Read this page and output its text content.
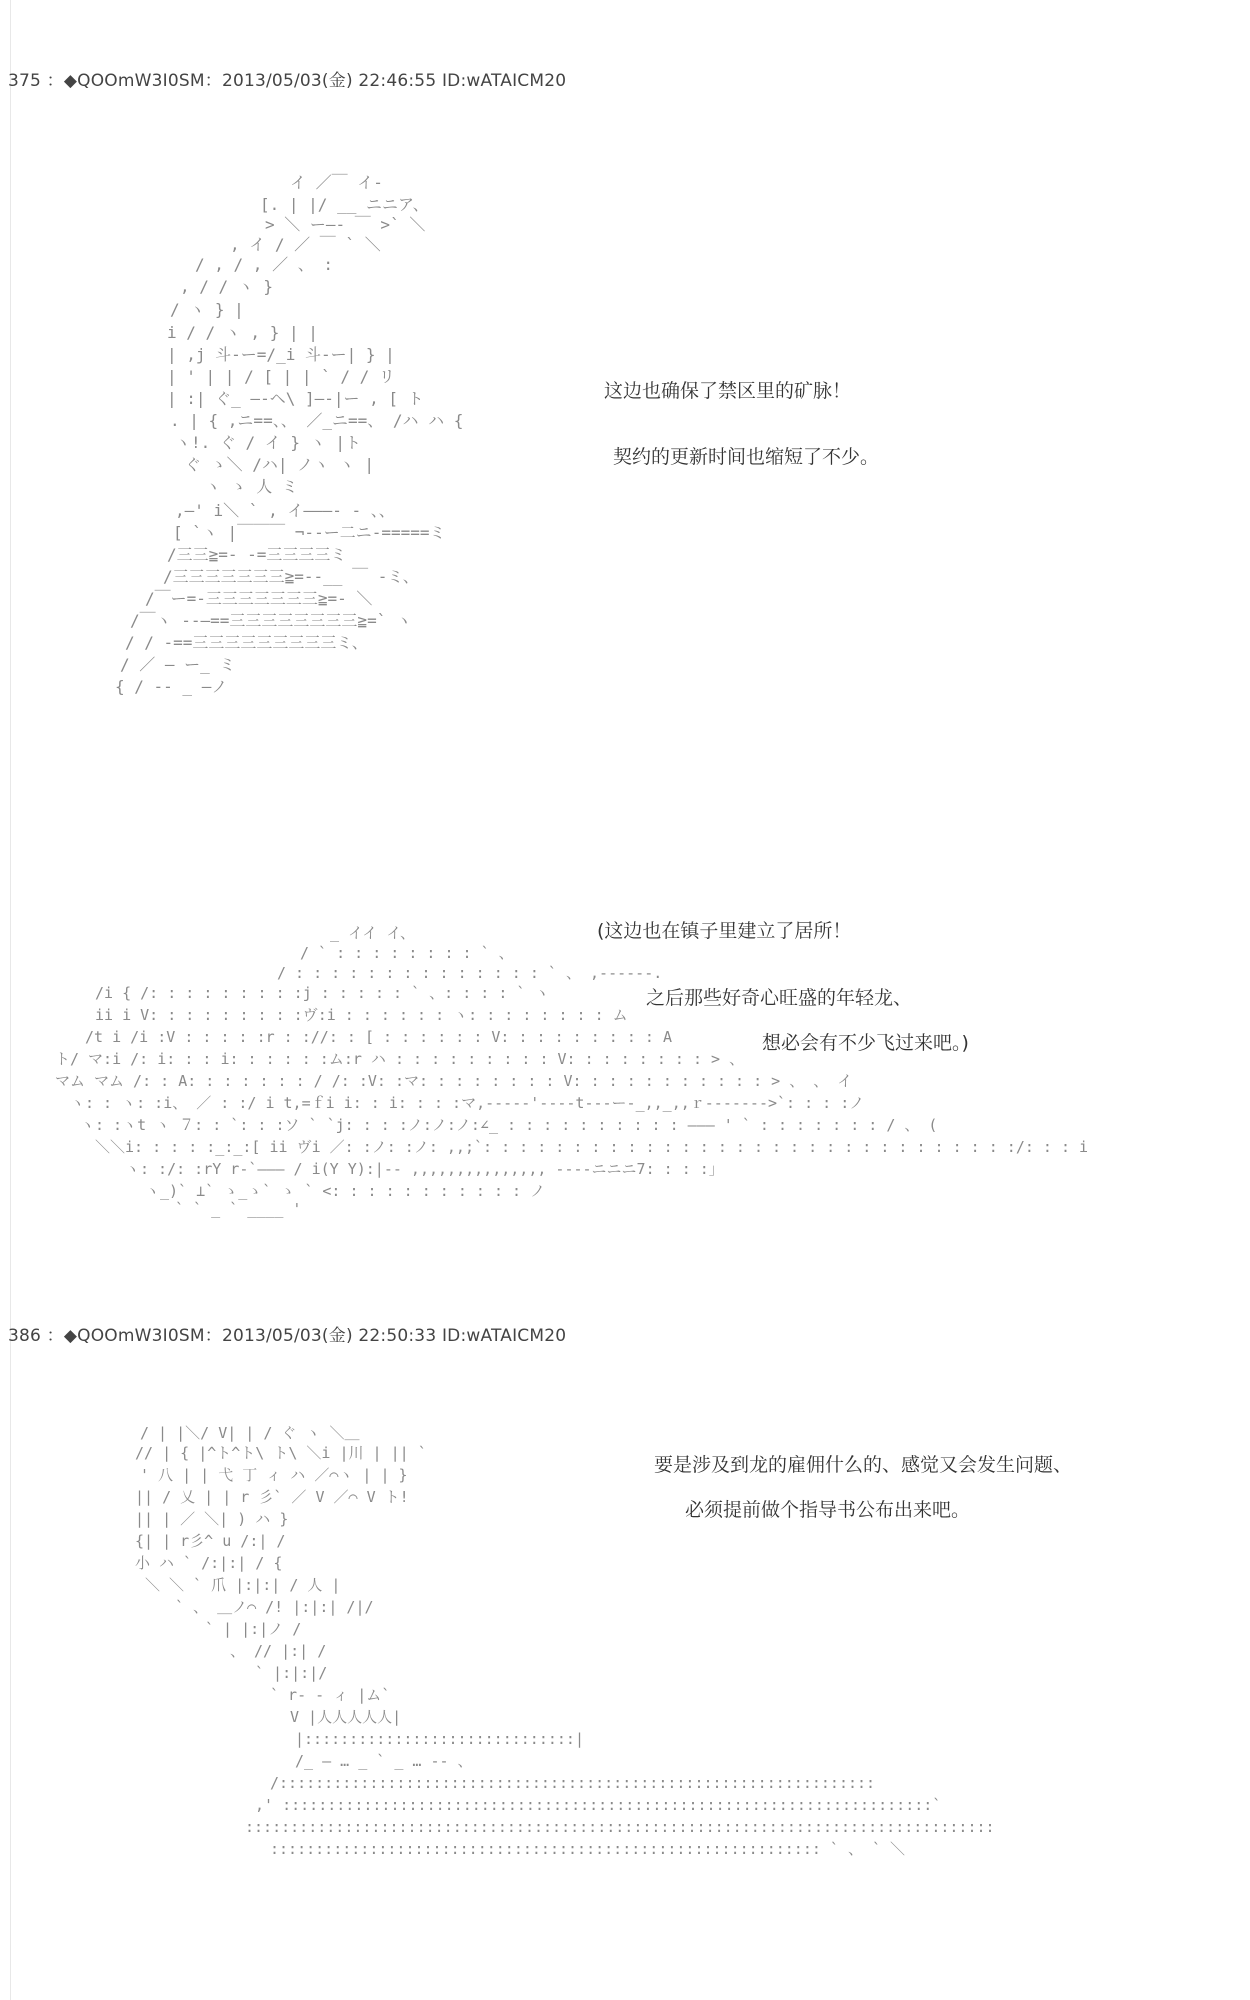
375 ：◆QOOmW3I0SM：2013/05/03(金) 22:46:55 ID:wATAICM20
イ ／￣ イ-
[. | |/ __ ニニア、
> ＼ ー―‐ ￣ >` ＼
, イ / ／ ￣ ` ＼
/ , / , ／ 、 :
, / / ヽ }
/ ヽ } |
i / / ヽ , } | |
| ,j 斗‐ー=/_i 斗‐ー| } |
| ' | | / [ | | ` / / リ
| :| ぐ_ ―‐ヘ\ ]―‐|ー , [ ト
. | { ,ニ==、、 ／_ニ==、 /ハ ハ {
ヽ!. ぐ / イ } ヽ |ト
ぐ ゝ＼ /ハ| ノヽ ヽ |
ヽ ゝ 人 ミ
,―' i＼ ` , イ―――‐ - 、、
[ `ヽ |￣￣￣ ¬‐‐ー二ニ-=====ミ
/三三≧=‐ -=三三三三ミ
/三三三三三三三≧=‐-__ ￣ -ミ、
/￣ー=‐三三三三三三三≧=‐ ＼
/￣ヽ ‐‐―==三三三三三三三三≧=` ヽ
/ / ‐==三三三三三三三三三ミ、
/ ／ ― ー_ ミ
{ / -- _ ―ノ
这边也确保了禁区里的矿脉！
契约的更新时间也缩短了不少。
_ イイ イ、
/ ` : : : : : : : : ` 、
/ : : : : : : : : : : : : : : ` 、 ,-‐‐‐‐‐.
/i { /: : : : : : : : :j : : : : : ` 、: : : : ` ヽ
ii i V: : : : : : : : :ヴ:i : : : : : : ヽ: : : : : : : : ム
/t i /i :V : : : : :r : ://: : [ : : : : : : V: : : : : : : : : A
ト/ マ:i /: i: : : i: : : : : :ム:r ハ : : : : : : : : : V: : : : : : : : > 、
マム マム /: : A: : : : : : : / /: :V: :マ: : : : : : : : V: : : : : : : : : : : > 、 、 イ
ヽ: : ヽ: :i、 ／ : :/ i t,=ｆi i: : i: : : :マ,‐‐‐‐‐'‐‐‐-t‐‐‐ー-_,,_,,ｒ-‐‐‐‐‐->`: : : :ノ
ヽ: :ヽt ヽ ７: : `: : :ソ ` `j: : : :ノ:ノ:ノ:∠_ : : : : : : : : : : ――― ' ` : : : : : : : / 、 (
＼＼i: : : : :_:_:[ ii ヴi ／: :ノ: :ノ: ,,;`: : : : : : : : : : : : : : : : : : : : : : : : : : : : : :/: : : i
ヽ: :/: :rY r-`――― / i(Y Y):|‐‐ ,,,,,,,,,,,,,,, ‐‐‐‐ニニニ7: : : :」
ヽ_)` ⊥` ゝ_ゝ` ゝ ` <: : : : : : : : : : : ノ
` ` _ ` ____ '
(这边也在镇子里建立了居所！
之后那些好奇心旺盛的年轻龙、
想必会有不少飞过来吧。)
386 ：◆QOOmW3I0SM：2013/05/03(金) 22:50:33 ID:wATAICM20
/ | |＼/ V| | / ぐ ヽ ＼＿
// | { |^ト^ト\ ト\ ＼i |川 | || `
' 八 | | 弋 丁 ィ ハ ／⌒ヽ | | }
|| / 乂 | | r 彡` ／ V ／⌒ V ト!
|| | ／ ＼| ) ハ }
{| | r彡^ u /:| /
小 ハ ` /:|:| / {
＼ ＼ ` 爪 |:|:| / 人 |
` 、 ＿ノ⌒ /! |:|:| /|/
` | |:|ノ /
、 // |:| /
` |:|:|/
` r‐ ‐ ィ |ム`
V |人人人人人|
|::::::::::::::::::::::::::::::|
/_ ― … _ ` _ … ‐‐ 、
/::::::::::::::::::::::::::::::::::::::::::::::::::::::::::::::::::
,' ::::::::::::::::::::::::::::::::::::::::::::::::::::::::::::::::::::::::`
:::::::::::::::::::::::::::::::::::::::::::::::::::::::::::::::::::::::::::::::::::
::::::::::::::::::::::::::::::::::::::::::::::::::::::::::::: ` 、 ` ＼
要是涉及到龙的雇佣什么的、感觉又会发生问题、
必须提前做个指导书公布出来吧。
